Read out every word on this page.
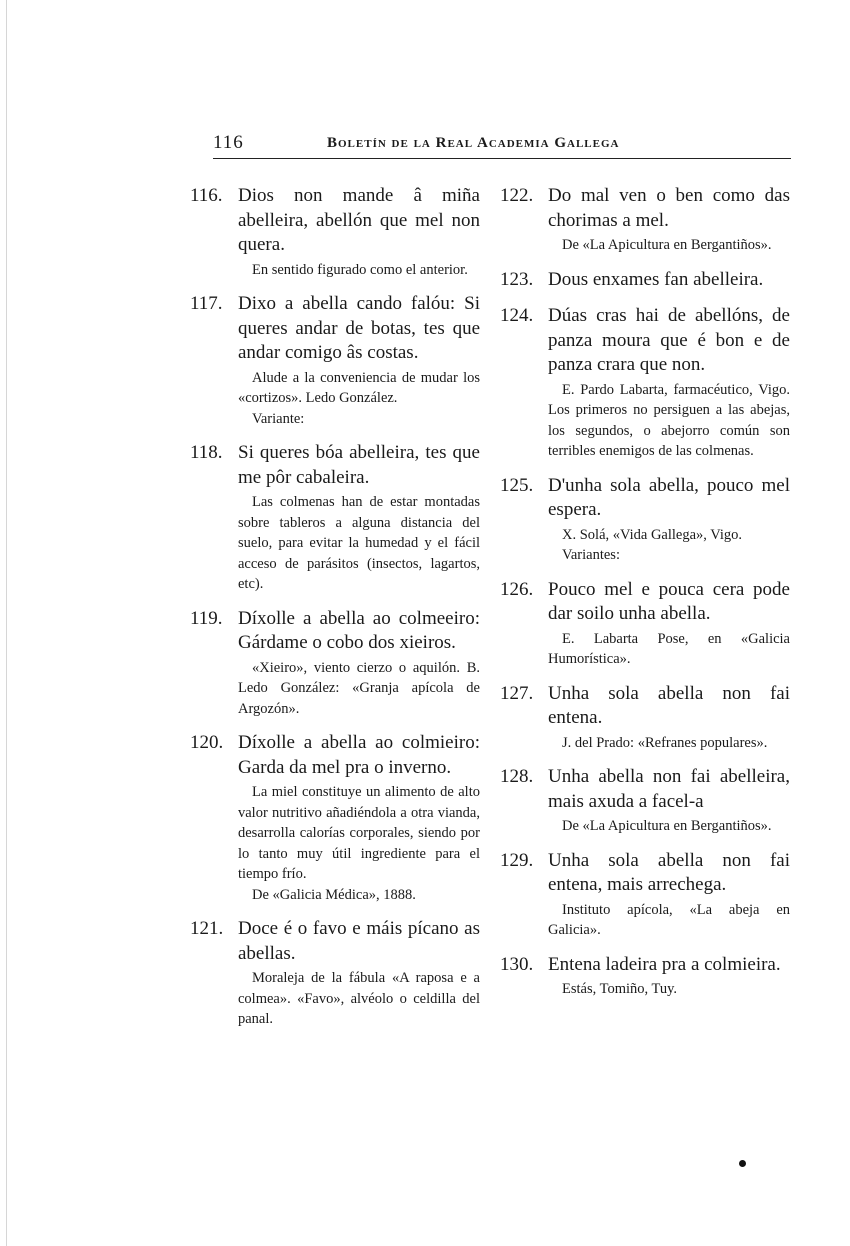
116	Boletín de la Real Academia Gallega
116. Dios non mande â miña abelleira, abellón que mel non quera.

En sentido figurado como el anterior.

117. Dixo a abella cando falóu: Si queres andar de botas, tes que andar comigo âs costas.

Alude a la conveniencia de mudar los «cortizos». Ledo González.

Variante:

118. Si queres bóa abelleira, tes que me pôr cabaleira.

Las colmenas han de estar montadas sobre tableros a alguna distancia del suelo, para evitar la humedad y el fácil acceso de parásitos (insectos, lagartos, etc).

119. Díxolle a abella ao colmeeiro: Gárdame o cobo dos xieiros.

«Xieiro», viento cierzo o aquilón. B. Ledo González: «Granja apícola de Argozón».

120. Díxolle a abella ao colmieiro: Garda da mel pra o inverno.

La miel constituye un alimento de alto valor nutritivo añadiéndola a otra vianda, desarrolla calorías corporales, siendo por lo tanto muy útil ingrediente para el tiempo frío.

De «Galicia Médica», 1888.

121. Doce é o favo e máis pícano as abellas.

Moraleja de la fábula «A raposa e a colmea». «Favo», alvéolo o celdilla del panal.

122. Do mal ven o ben como das chorimas a mel.

De «La Apicultura en Bergantiños».

123. Dous enxames fan abelleira.
124. Dúas cras hai de abellóns, de panza moura que é bon e de panza crara que non.

E. Pardo Labarta, farmacéutico, Vigo. Los primeros no persiguen a las abejas, los segundos, o abejorro común son terribles enemigos de las colmenas.

125. D'unha sola abella, pouco mel espera.

X. Solá, «Vida Gallega», Vigo.

Variantes:

126. Pouco mel e pouca cera pode dar soilo unha abella.

E. Labarta Pose, en «Galicia Humorística».

127. Unha sola abella non fai entena.

J. del Prado: «Refranes populares».

128. Unha abella non fai abelleira, mais axuda a facel-a

De «La Apicultura en Bergantiños».

129. Unha sola abella non fai entena, mais arrechega.

Instituto apícola, «La abeja en Galicia».

130. Entena ladeira pra a colmieira.

Estás, Tomiño, Tuy.
